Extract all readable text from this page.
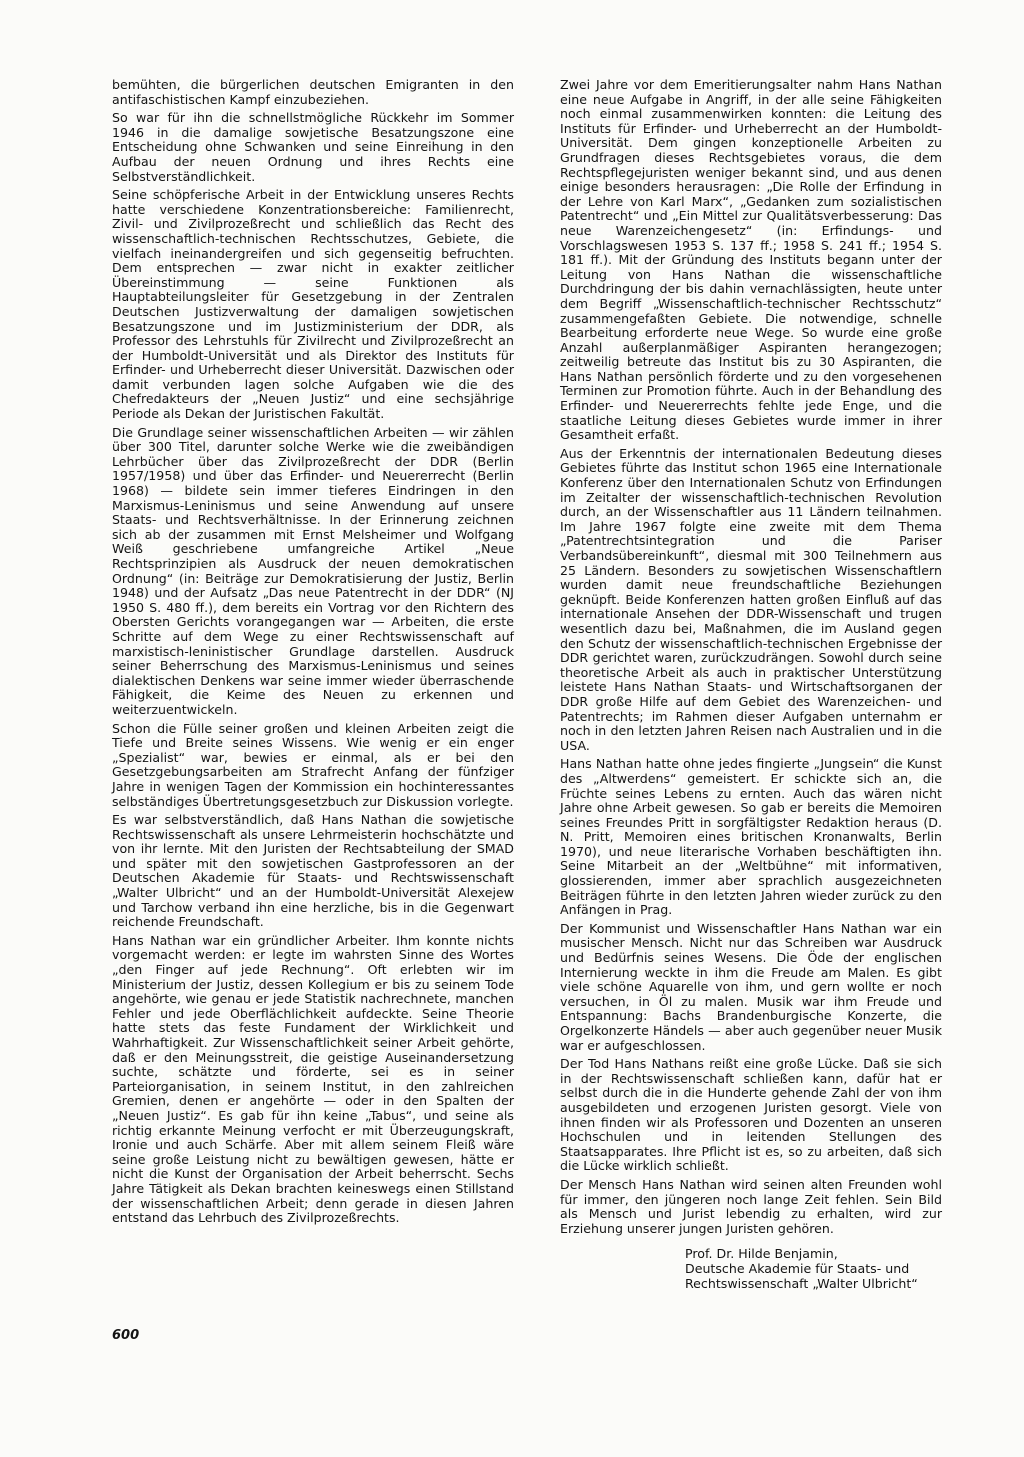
bemühten, die bürgerlichen deutschen Emigranten in den antifaschistischen Kampf einzubeziehen.

So war für ihn die schnellstmögliche Rückkehr im Sommer 1946 in die damalige sowjetische Besatzungszone eine Entscheidung ohne Schwanken und seine Einreihung in den Aufbau der neuen Ordnung und ihres Rechts eine Selbstverständlichkeit.

Seine schöpferische Arbeit in der Entwicklung unseres Rechts hatte verschiedene Konzentrationsbereiche: Familienrecht, Zivil- und Zivilprozeßrecht und schließlich das Recht des wissenschaftlich-technischen Rechtsschutzes, Gebiete, die vielfach ineinandergreifen und sich gegenseitig befruchten. Dem entsprechen — zwar nicht in exakter zeitlicher Übereinstimmung — seine Funktionen als Hauptabteilungsleiter für Gesetzgebung in der Zentralen Deutschen Justizverwaltung der damaligen sowjetischen Besatzungszone und im Justizministerium der DDR, als Professor des Lehrstuhls für Zivilrecht und Zivilprozeßrecht an der Humboldt-Universität und als Direktor des Instituts für Erfinder- und Urheberrecht dieser Universität. Dazwischen oder damit verbunden lagen solche Aufgaben wie die des Chefredakteurs der „Neuen Justiz“ und eine sechsjährige Periode als Dekan der Juristischen Fakultät.

Die Grundlage seiner wissenschaftlichen Arbeiten — wir zählen über 300 Titel, darunter solche Werke wie die zweibändigen Lehrbücher über das Zivilprozeßrecht der DDR (Berlin 1957/1958) und über das Erfinder- und Neuererrecht (Berlin 1968) — bildete sein immer tieferes Eindringen in den Marxismus-Leninismus und seine Anwendung auf unsere Staats- und Rechtsverhältnisse. In der Erinnerung zeichnen sich ab der zusammen mit Ernst Melsheimer und Wolfgang Weiß geschriebene umfangreiche Artikel „Neue Rechtsprinzipien als Ausdruck der neuen demokratischen Ordnung“ (in: Beiträge zur Demokratisierung der Justiz, Berlin 1948) und der Aufsatz „Das neue Patentrecht in der DDR“ (NJ 1950 S. 480 ff.), dem bereits ein Vortrag vor den Richtern des Obersten Gerichts vorangegangen war — Arbeiten, die erste Schritte auf dem Wege zu einer Rechtswissenschaft auf marxistisch-leninistischer Grundlage darstellen. Ausdruck seiner Beherrschung des Marxismus-Leninismus und seines dialektischen Denkens war seine immer wieder überraschende Fähigkeit, die Keime des Neuen zu erkennen und weiterzuentwickeln.

Schon die Fülle seiner großen und kleinen Arbeiten zeigt die Tiefe und Breite seines Wissens. Wie wenig er ein enger „Spezialist“ war, bewies er einmal, als er bei den Gesetzgebungsarbeiten am Strafrecht Anfang der fünfziger Jahre in wenigen Tagen der Kommission ein hochinteressantes selbständiges Übertretungsgesetzbuch zur Diskussion vorlegte.

Es war selbstverständlich, daß Hans Nathan die sowjetische Rechtswissenschaft als unsere Lehrmeisterin hochschätzte und von ihr lernte. Mit den Juristen der Rechtsabteilung der SMAD und später mit den sowjetischen Gastprofessoren an der Deutschen Akademie für Staats- und Rechtswissenschaft „Walter Ulbricht“ und an der Humboldt-Universität Alexejew und Tarchow verband ihn eine herzliche, bis in die Gegenwart reichende Freundschaft.

Hans Nathan war ein gründlicher Arbeiter. Ihm konnte nichts vorgemacht werden: er legte im wahrsten Sinne des Wortes „den Finger auf jede Rechnung“. Oft erlebten wir im Ministerium der Justiz, dessen Kollegium er bis zu seinem Tode angehörte, wie genau er jede Statistik nachrechnete, manchen Fehler und jede Oberflächlichkeit aufdeckte. Seine Theorie hatte stets das feste Fundament der Wirklichkeit und Wahrhaftigkeit. Zur Wissenschaftlichkeit seiner Arbeit gehörte, daß er den Meinungsstreit, die geistige Auseinandersetzung suchte, schätzte und förderte, sei es in seiner Parteiorganisation, in seinem Institut, in den zahlreichen Gremien, denen er angehörte — oder in den Spalten der „Neuen Justiz“. Es gab für ihn keine „Tabus“, und seine als richtig erkannte Meinung verfocht er mit Überzeugungskraft, Ironie und auch Schärfe. Aber mit allem seinem Fleiß wäre seine große Leistung nicht zu bewältigen gewesen, hätte er nicht die Kunst der Organisation der Arbeit beherrscht. Sechs Jahre Tätigkeit als Dekan brachten keineswegs einen Stillstand der wissenschaftlichen Arbeit; denn gerade in diesen Jahren entstand das Lehrbuch des Zivilprozeßrechts.

Zwei Jahre vor dem Emeritierungsalter nahm Hans Nathan eine neue Aufgabe in Angriff, in der alle seine Fähigkeiten noch einmal zusammenwirken konnten: die Leitung des Instituts für Erfinder- und Urheberrecht an der Humboldt-Universität. Dem gingen konzeptionelle Arbeiten zu Grundfragen dieses Rechtsgebietes voraus, die dem Rechtspflegejuristen weniger bekannt sind, und aus denen einige besonders herausragen: „Die Rolle der Erfindung in der Lehre von Karl Marx“, „Gedanken zum sozialistischen Patentrecht“ und „Ein Mittel zur Qualitätsverbesserung: Das neue Warenzeichengesetz“ (in: Erfindungs- und Vorschlagswesen 1953 S. 137 ff.; 1958 S. 241 ff.; 1954 S. 181 ff.). Mit der Gründung des Instituts begann unter der Leitung von Hans Nathan die wissenschaftliche Durchdringung der bis dahin vernachlässigten, heute unter dem Begriff „Wissenschaftlich-technischer Rechtsschutz“ zusammengefaßten Gebiete. Die notwendige, schnelle Bearbeitung erforderte neue Wege. So wurde eine große Anzahl außerplanmäßiger Aspiranten herangezogen; zeitweilig betreute das Institut bis zu 30 Aspiranten, die Hans Nathan persönlich förderte und zu den vorgesehenen Terminen zur Promotion führte. Auch in der Behandlung des Erfinder- und Neuererrechts fehlte jede Enge, und die staatliche Leitung dieses Gebietes wurde immer in ihrer Gesamtheit erfaßt.

Aus der Erkenntnis der internationalen Bedeutung dieses Gebietes führte das Institut schon 1965 eine Internationale Konferenz über den Internationalen Schutz von Erfindungen im Zeitalter der wissenschaftlich-technischen Revolution durch, an der Wissenschaftler aus 11 Ländern teilnahmen. Im Jahre 1967 folgte eine zweite mit dem Thema „Patentrechtsintegration und die Pariser Verbandsübereinkunft“, diesmal mit 300 Teilnehmern aus 25 Ländern. Besonders zu sowjetischen Wissenschaftlern wurden damit neue freundschaftliche Beziehungen geknüpft. Beide Konferenzen hatten großen Einfluß auf das internationale Ansehen der DDR-Wissenschaft und trugen wesentlich dazu bei, Maßnahmen, die im Ausland gegen den Schutz der wissenschaftlich-technischen Ergebnisse der DDR gerichtet waren, zurückzudrängen. Sowohl durch seine theoretische Arbeit als auch in praktischer Unterstützung leistete Hans Nathan Staats- und Wirtschaftsorganen der DDR große Hilfe auf dem Gebiet des Warenzeichen- und Patentrechts; im Rahmen dieser Aufgaben unternahm er noch in den letzten Jahren Reisen nach Australien und in die USA.

Hans Nathan hatte ohne jedes fingierte „Jungsein“ die Kunst des „Altwerdens“ gemeistert. Er schickte sich an, die Früchte seines Lebens zu ernten. Auch das wären nicht Jahre ohne Arbeit gewesen. So gab er bereits die Memoiren seines Freundes Pritt in sorgfältigster Redaktion heraus (D. N. Pritt, Memoiren eines britischen Kronanwalts, Berlin 1970), und neue literarische Vorhaben beschäftigten ihn. Seine Mitarbeit an der „Weltbühne“ mit informativen, glossierenden, immer aber sprachlich ausgezeichneten Beiträgen führte in den letzten Jahren wieder zurück zu den Anfängen in Prag.

Der Kommunist und Wissenschaftler Hans Nathan war ein musischer Mensch. Nicht nur das Schreiben war Ausdruck und Bedürfnis seines Wesens. Die Öde der englischen Internierung weckte in ihm die Freude am Malen. Es gibt viele schöne Aquarelle von ihm, und gern wollte er noch versuchen, in Öl zu malen. Musik war ihm Freude und Entspannung: Bachs Brandenburgische Konzerte, die Orgelkonzerte Händels — aber auch gegenüber neuer Musik war er aufgeschlossen.

Der Tod Hans Nathans reißt eine große Lücke. Daß sie sich in der Rechtswissenschaft schließen kann, dafür hat er selbst durch die in die Hunderte gehende Zahl der von ihm ausgebildeten und erzogenen Juristen gesorgt. Viele von ihnen finden wir als Professoren und Dozenten an unseren Hochschulen und in leitenden Stellungen des Staatsapparates. Ihre Pflicht ist es, so zu arbeiten, daß sich die Lücke wirklich schließt.

Der Mensch Hans Nathan wird seinen alten Freunden wohl für immer, den jüngeren noch lange Zeit fehlen. Sein Bild als Mensch und Jurist lebendig zu erhalten, wird zur Erziehung unserer jungen Juristen gehören.

Prof. Dr. Hilde Benjamin,
Deutsche Akademie für Staats- und
Rechtswissenschaft „Walter Ulbricht“
600
